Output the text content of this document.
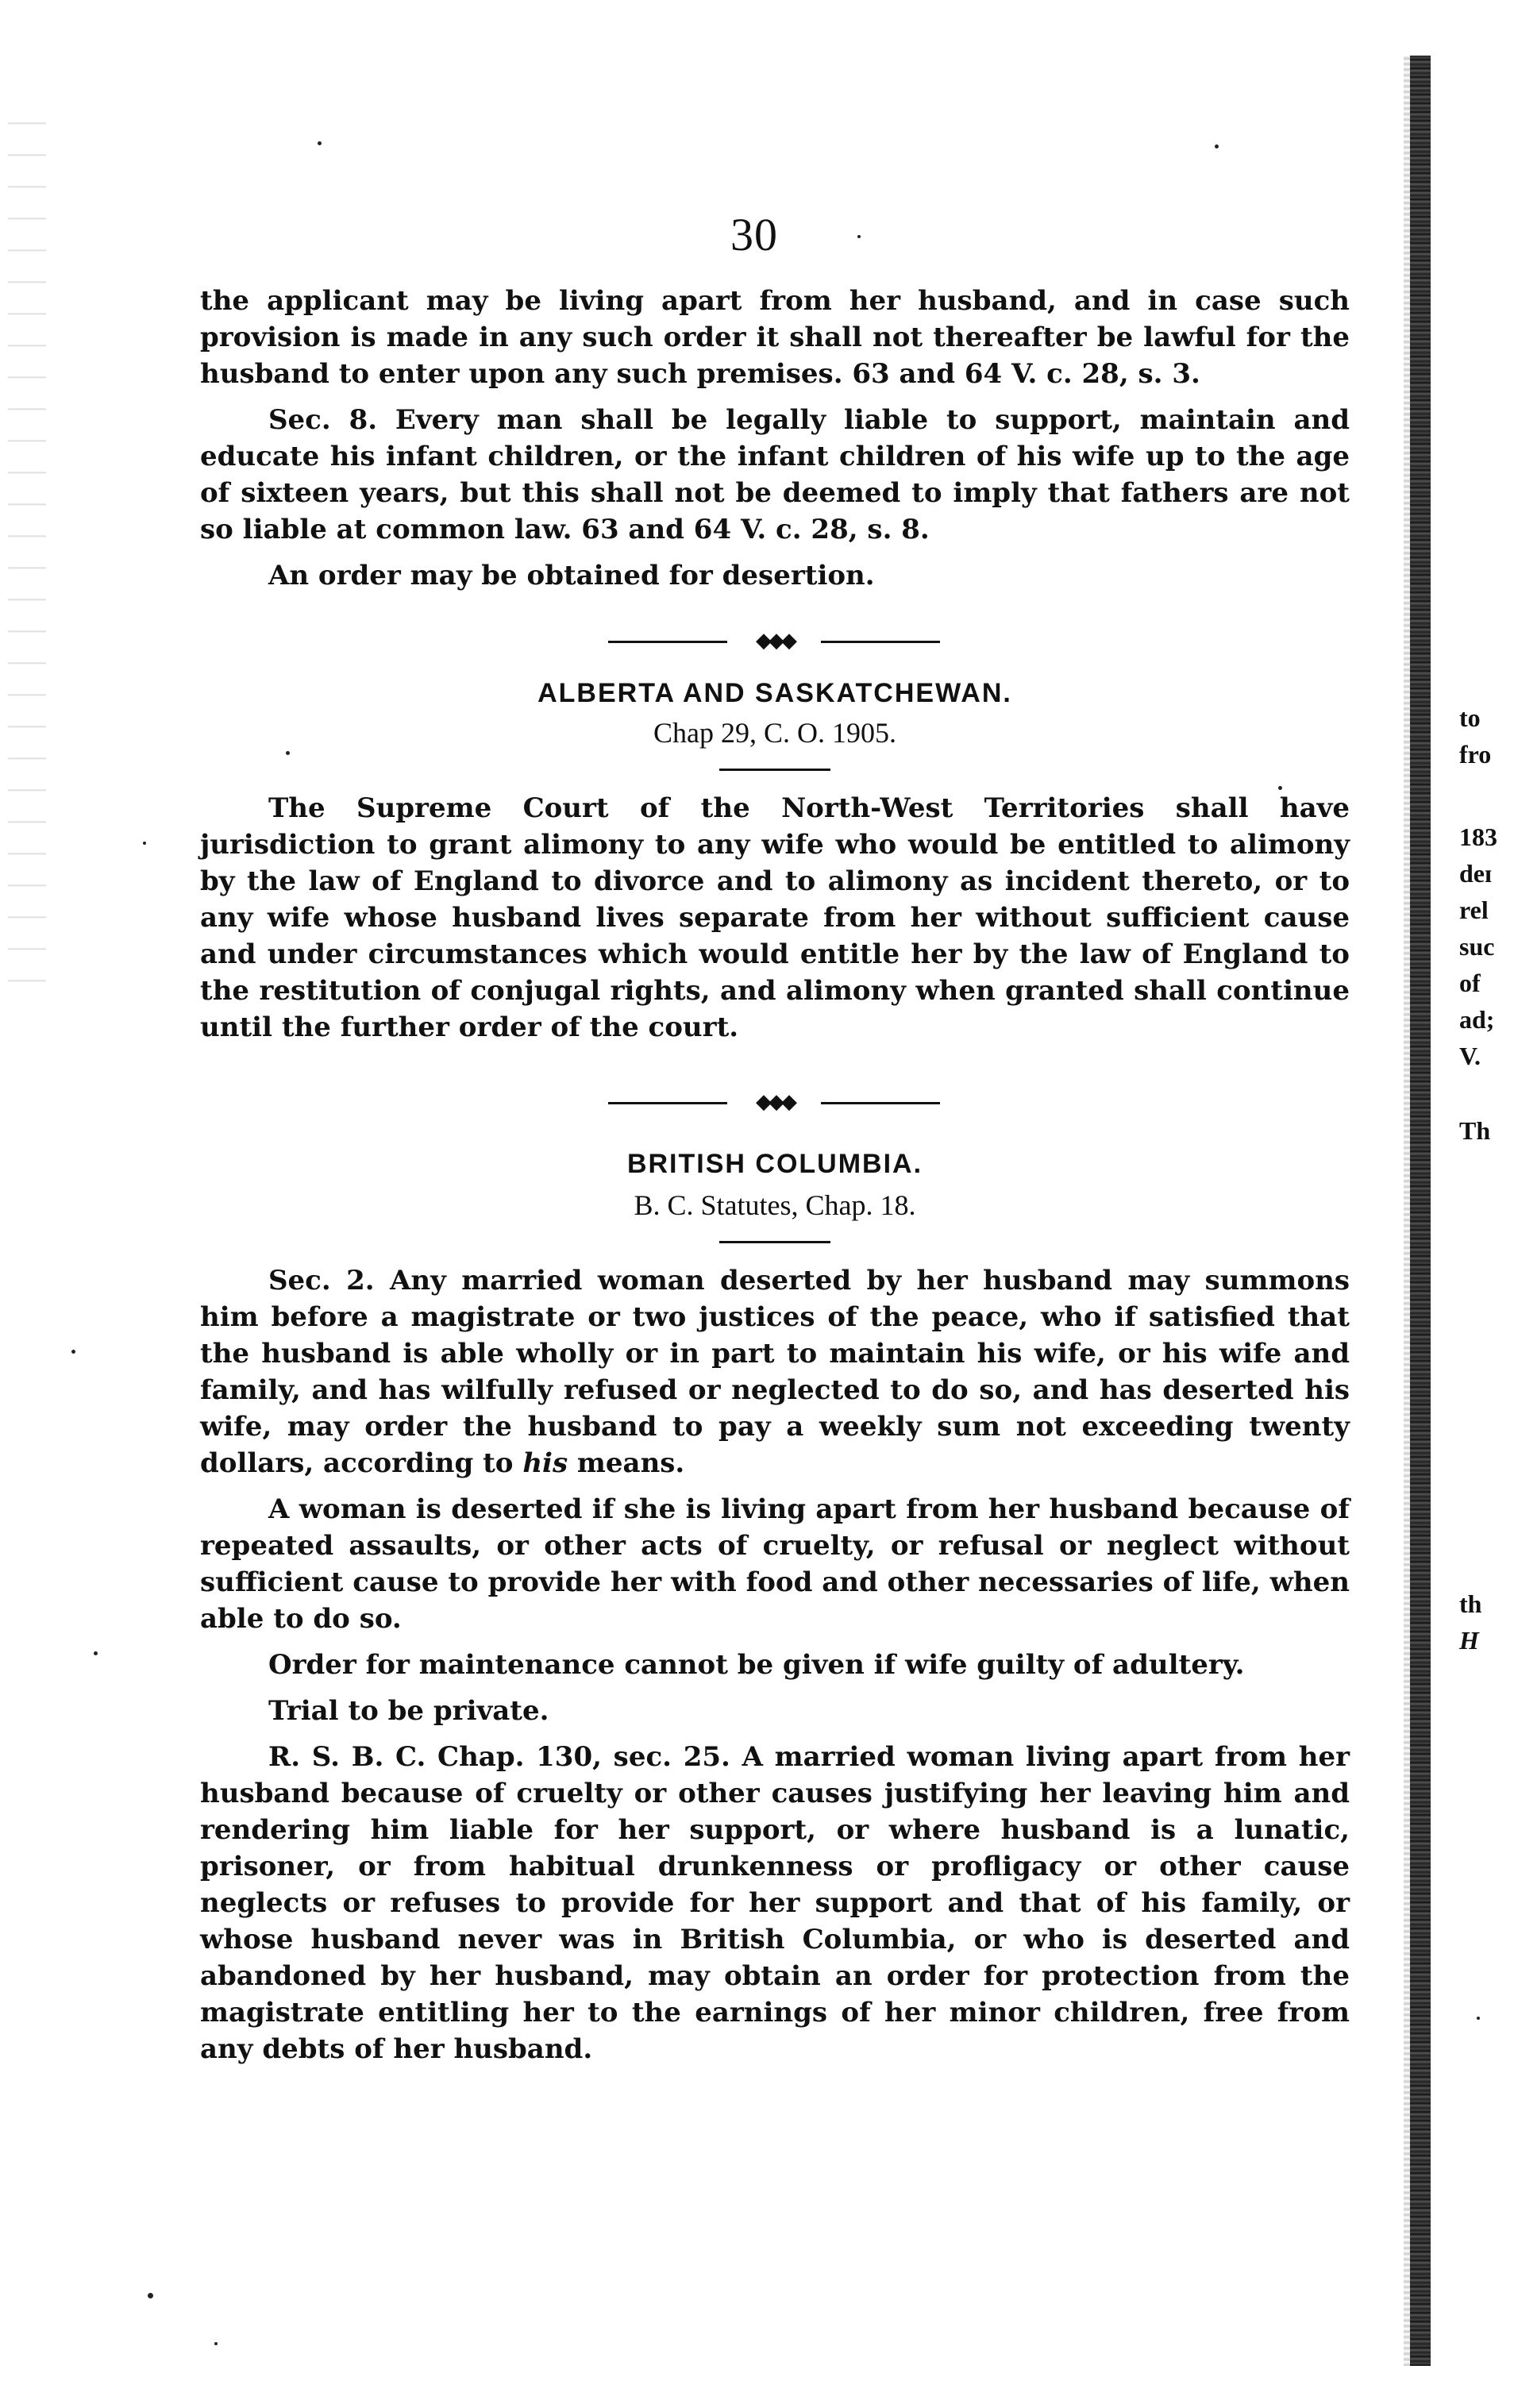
30

the applicant may be living apart from her husband, and in case such provision is made in any such order it shall not thereafter be lawful for the husband to enter upon any such premises. 63 and 64 V. c. 28, s. 3.

Sec. 8. Every man shall be legally liable to support, maintain and educate his infant children, or the infant children of his wife up to the age of sixteen years, but this shall not be deemed to imply that fathers are not so liable at common law. 63 and 64 V. c. 28, s. 8.

An order may be obtained for desertion.

◆◆◆
ALBERTA AND SASKATCHEWAN.

Chap 29, C. O. 1905.

The Supreme Court of the North-West Territories shall have jurisdiction to grant alimony to any wife who would be entitled to alimony by the law of England to divorce and to alimony as incident thereto, or to any wife whose husband lives separate from her without sufficient cause and under circumstances which would entitle her by the law of England to the restitution of conjugal rights, and alimony when granted shall continue until the further order of the court.

◆◆◆
BRITISH COLUMBIA.

B. C. Statutes, Chap. 18.

Sec. 2. Any married woman deserted by her husband may summons him before a magistrate or two justices of the peace, who if satisfied that the husband is able wholly or in part to maintain his wife, or his wife and family, and has wilfully refused or neglected to do so, and has deserted his wife, may order the husband to pay a weekly sum not exceeding twenty dollars, according to his means.

A woman is deserted if she is living apart from her husband because of repeated assaults, or other acts of cruelty, or refusal or neglect without sufficient cause to provide her with food and other necessaries of life, when able to do so.

Order for maintenance cannot be given if wife guilty of adultery.

Trial to be private.

R. S. B. C. Chap. 130, sec. 25. A married woman living apart from her husband because of cruelty or other causes justifying her leaving him and rendering him liable for her support, or where husband is a lunatic, prisoner, or from habitual drunkenness or profligacy or other cause neglects or refuses to provide for her support and that of his family, or whose husband never was in British Columbia, or who is deserted and abandoned by her husband, may obtain an order for protection from the magistrate entitling her to the earnings of her minor children, free from any debts of her husband.

to
fro
183
deɪ
rel
suc
of
ad;
V.
Th
th
H
